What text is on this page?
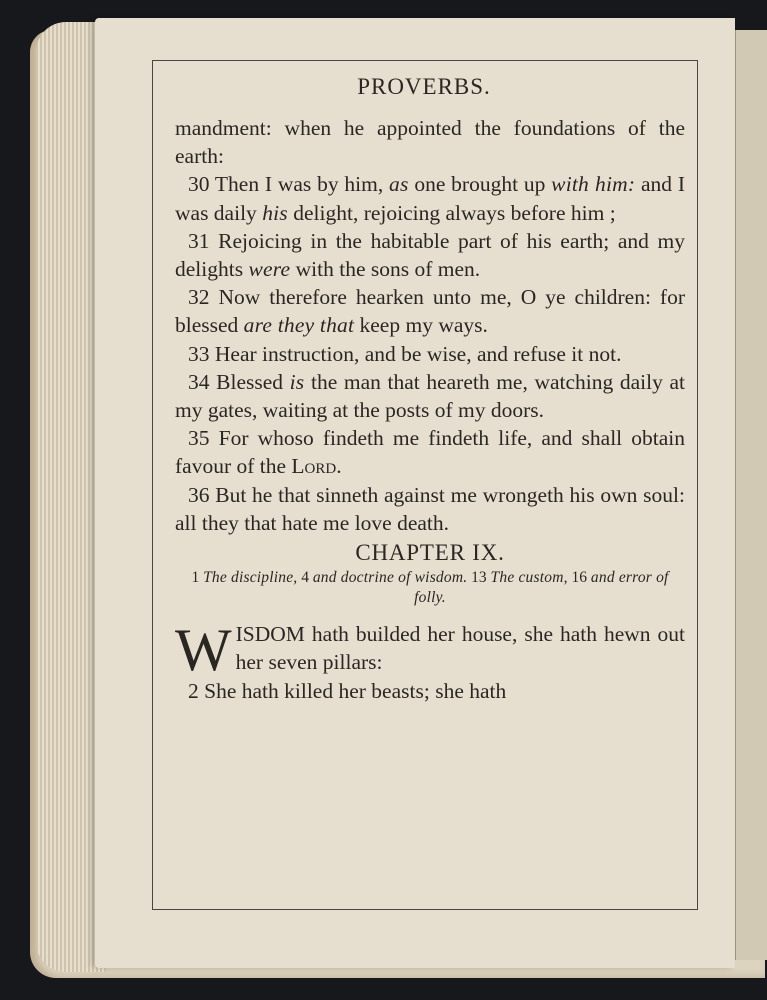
PROVERBS.

mandment: when he appointed the foundations of the earth:

30 Then I was by him, as one brought up with him: and I was daily his delight, rejoicing always before him ;

31 Rejoicing in the habitable part of his earth; and my delights were with the sons of men.

32 Now therefore hearken unto me, O ye children: for blessed are they that keep my ways.

33 Hear instruction, and be wise, and refuse it not.

34 Blessed is the man that heareth me, watching daily at my gates, waiting at the posts of my doors.

35 For whoso findeth me findeth life, and shall obtain favour of the Lord.

36 But he that sinneth against me wrongeth his own soul: all they that hate me love death.

CHAPTER IX.
1 The discipline, 4 and doctrine of wisdom. 13 The custom, 16 and error of folly.
W ISDOM hath builded her house, she hath hewn out her seven pillars:

2 She hath killed her beasts; she hath
